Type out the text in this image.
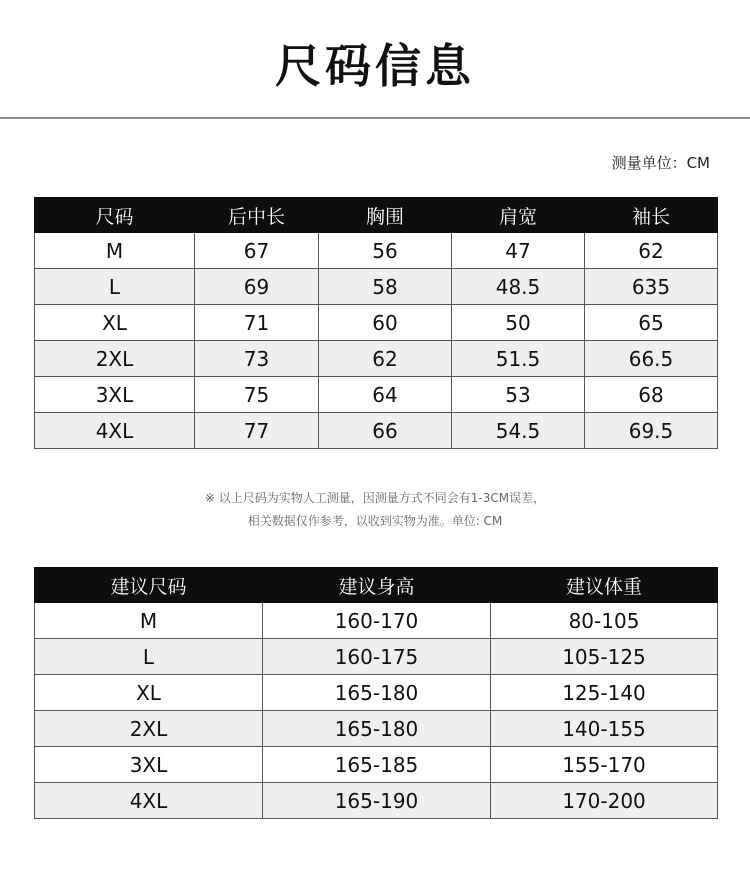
尺码信息
测量单位：CM
尺码	后中长	胸围	肩宽	袖长
M	67	56	47	62
L	69	58	48.5	635
XL	71	60	50	65
2XL	73	62	51.5	66.5
3XL	75	64	53	68
4XL	77	66	54.5	69.5
※ 以上尺码为实物人工测量，因测量方式不同会有1-3CM误差，
相关数据仅作参考，以收到实物为准。单位: CM
建议尺码	建议身高	建议体重
M	160-170	80-105
L	160-175	105-125
XL	165-180	125-140
2XL	165-180	140-155
3XL	165-185	155-170
4XL	165-190	170-200
